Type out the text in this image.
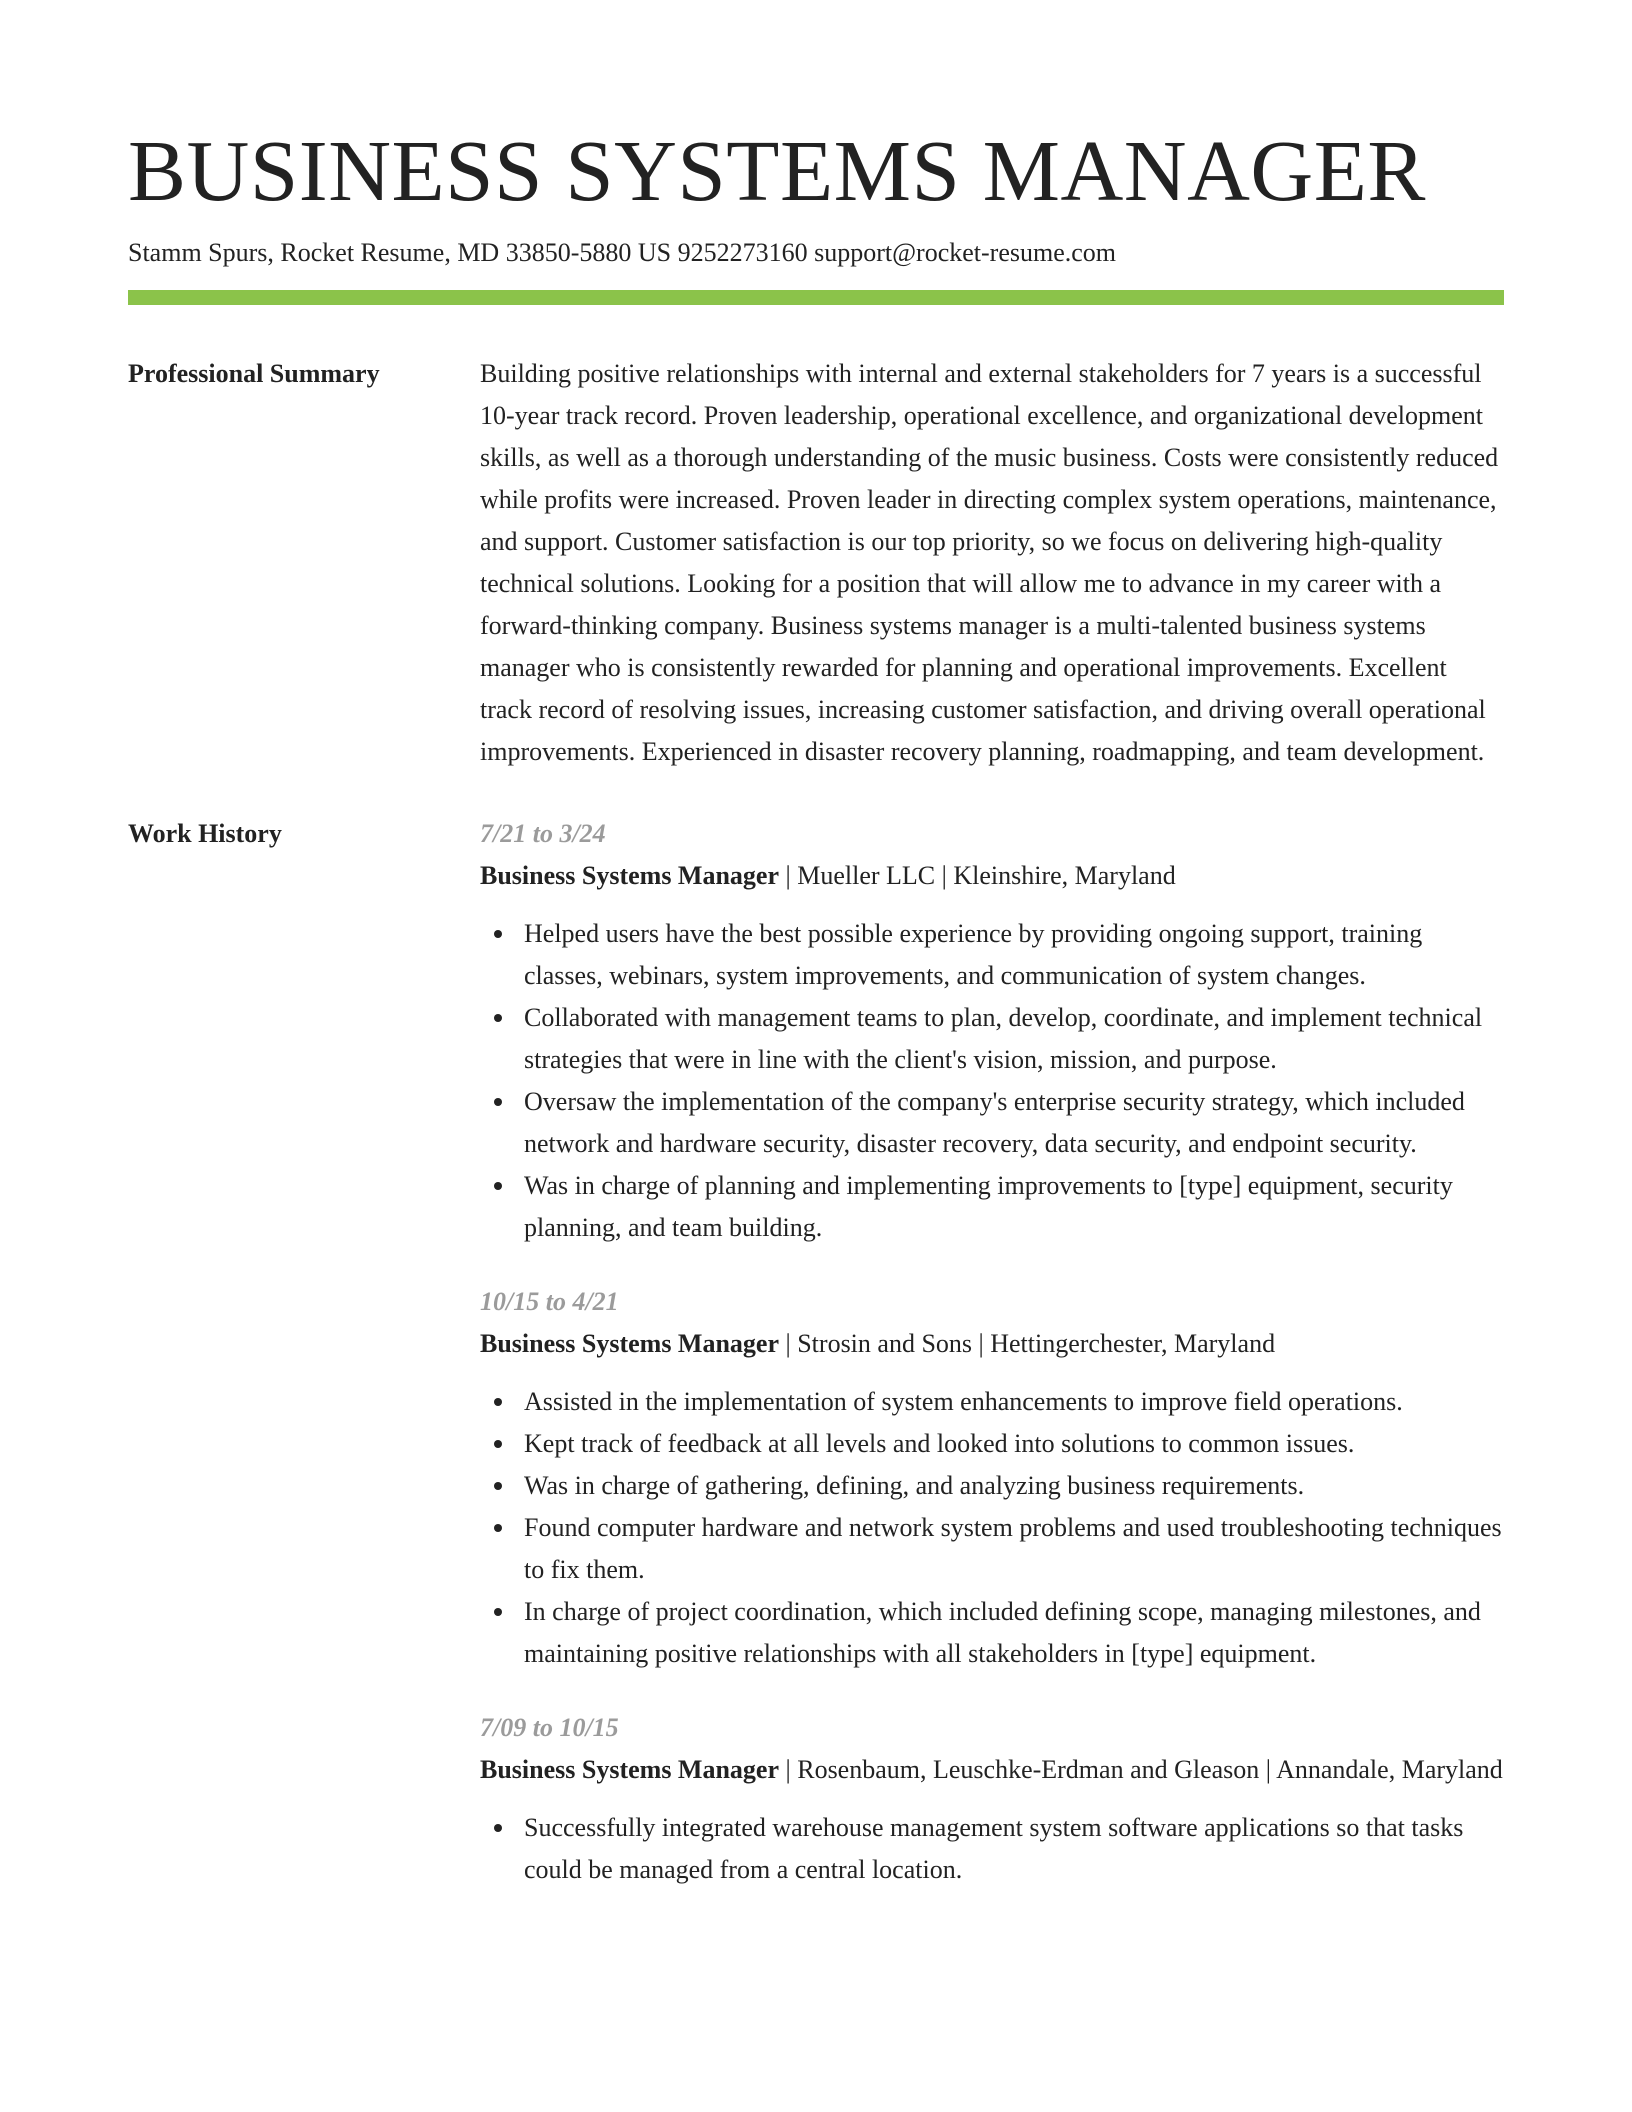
BUSINESS SYSTEMS MANAGER
Stamm Spurs, Rocket Resume, MD 33850-5880 US 9252273160 support@rocket-resume.com
Professional Summary	Building positive relationships with internal and external stakeholders for 7 years is a successful 10-year track record. Proven leadership, operational excellence, and organizational development skills, as well as a thorough understanding of the music business. Costs were consistently reduced while profits were increased. Proven leader in directing complex system operations, maintenance, and support. Customer satisfaction is our top priority, so we focus on delivering high-quality technical solutions. Looking for a position that will allow me to advance in my career with a forward-thinking company. Business systems manager is a multi-talented business systems manager who is consistently rewarded for planning and operational improvements. Excellent track record of resolving issues, increasing customer satisfaction, and driving overall operational improvements. Experienced in disaster recovery planning, roadmapping, and team development.

Work History	7/21 to 3/24
Business Systems Manager | Mueller LLC | Kleinshire, Maryland
Helped users have the best possible experience by providing ongoing support, training classes, webinars, system improvements, and communication of system changes.
Collaborated with management teams to plan, develop, coordinate, and implement technical strategies that were in line with the client's vision, mission, and purpose.
Oversaw the implementation of the company's enterprise security strategy, which included network and hardware security, disaster recovery, data security, and endpoint security.
Was in charge of planning and implementing improvements to [type] equipment, security planning, and team building.
10/15 to 4/21
Business Systems Manager | Strosin and Sons | Hettingerchester, Maryland
Assisted in the implementation of system enhancements to improve field operations.
Kept track of feedback at all levels and looked into solutions to common issues.
Was in charge of gathering, defining, and analyzing business requirements.
Found computer hardware and network system problems and used troubleshooting techniques to fix them.
In charge of project coordination, which included defining scope, managing milestones, and maintaining positive relationships with all stakeholders in [type] equipment.
7/09 to 10/15
Business Systems Manager | Rosenbaum, Leuschke-Erdman and Gleason | Annandale, Maryland
Successfully integrated warehouse management system software applications so that tasks could be managed from a central location.
